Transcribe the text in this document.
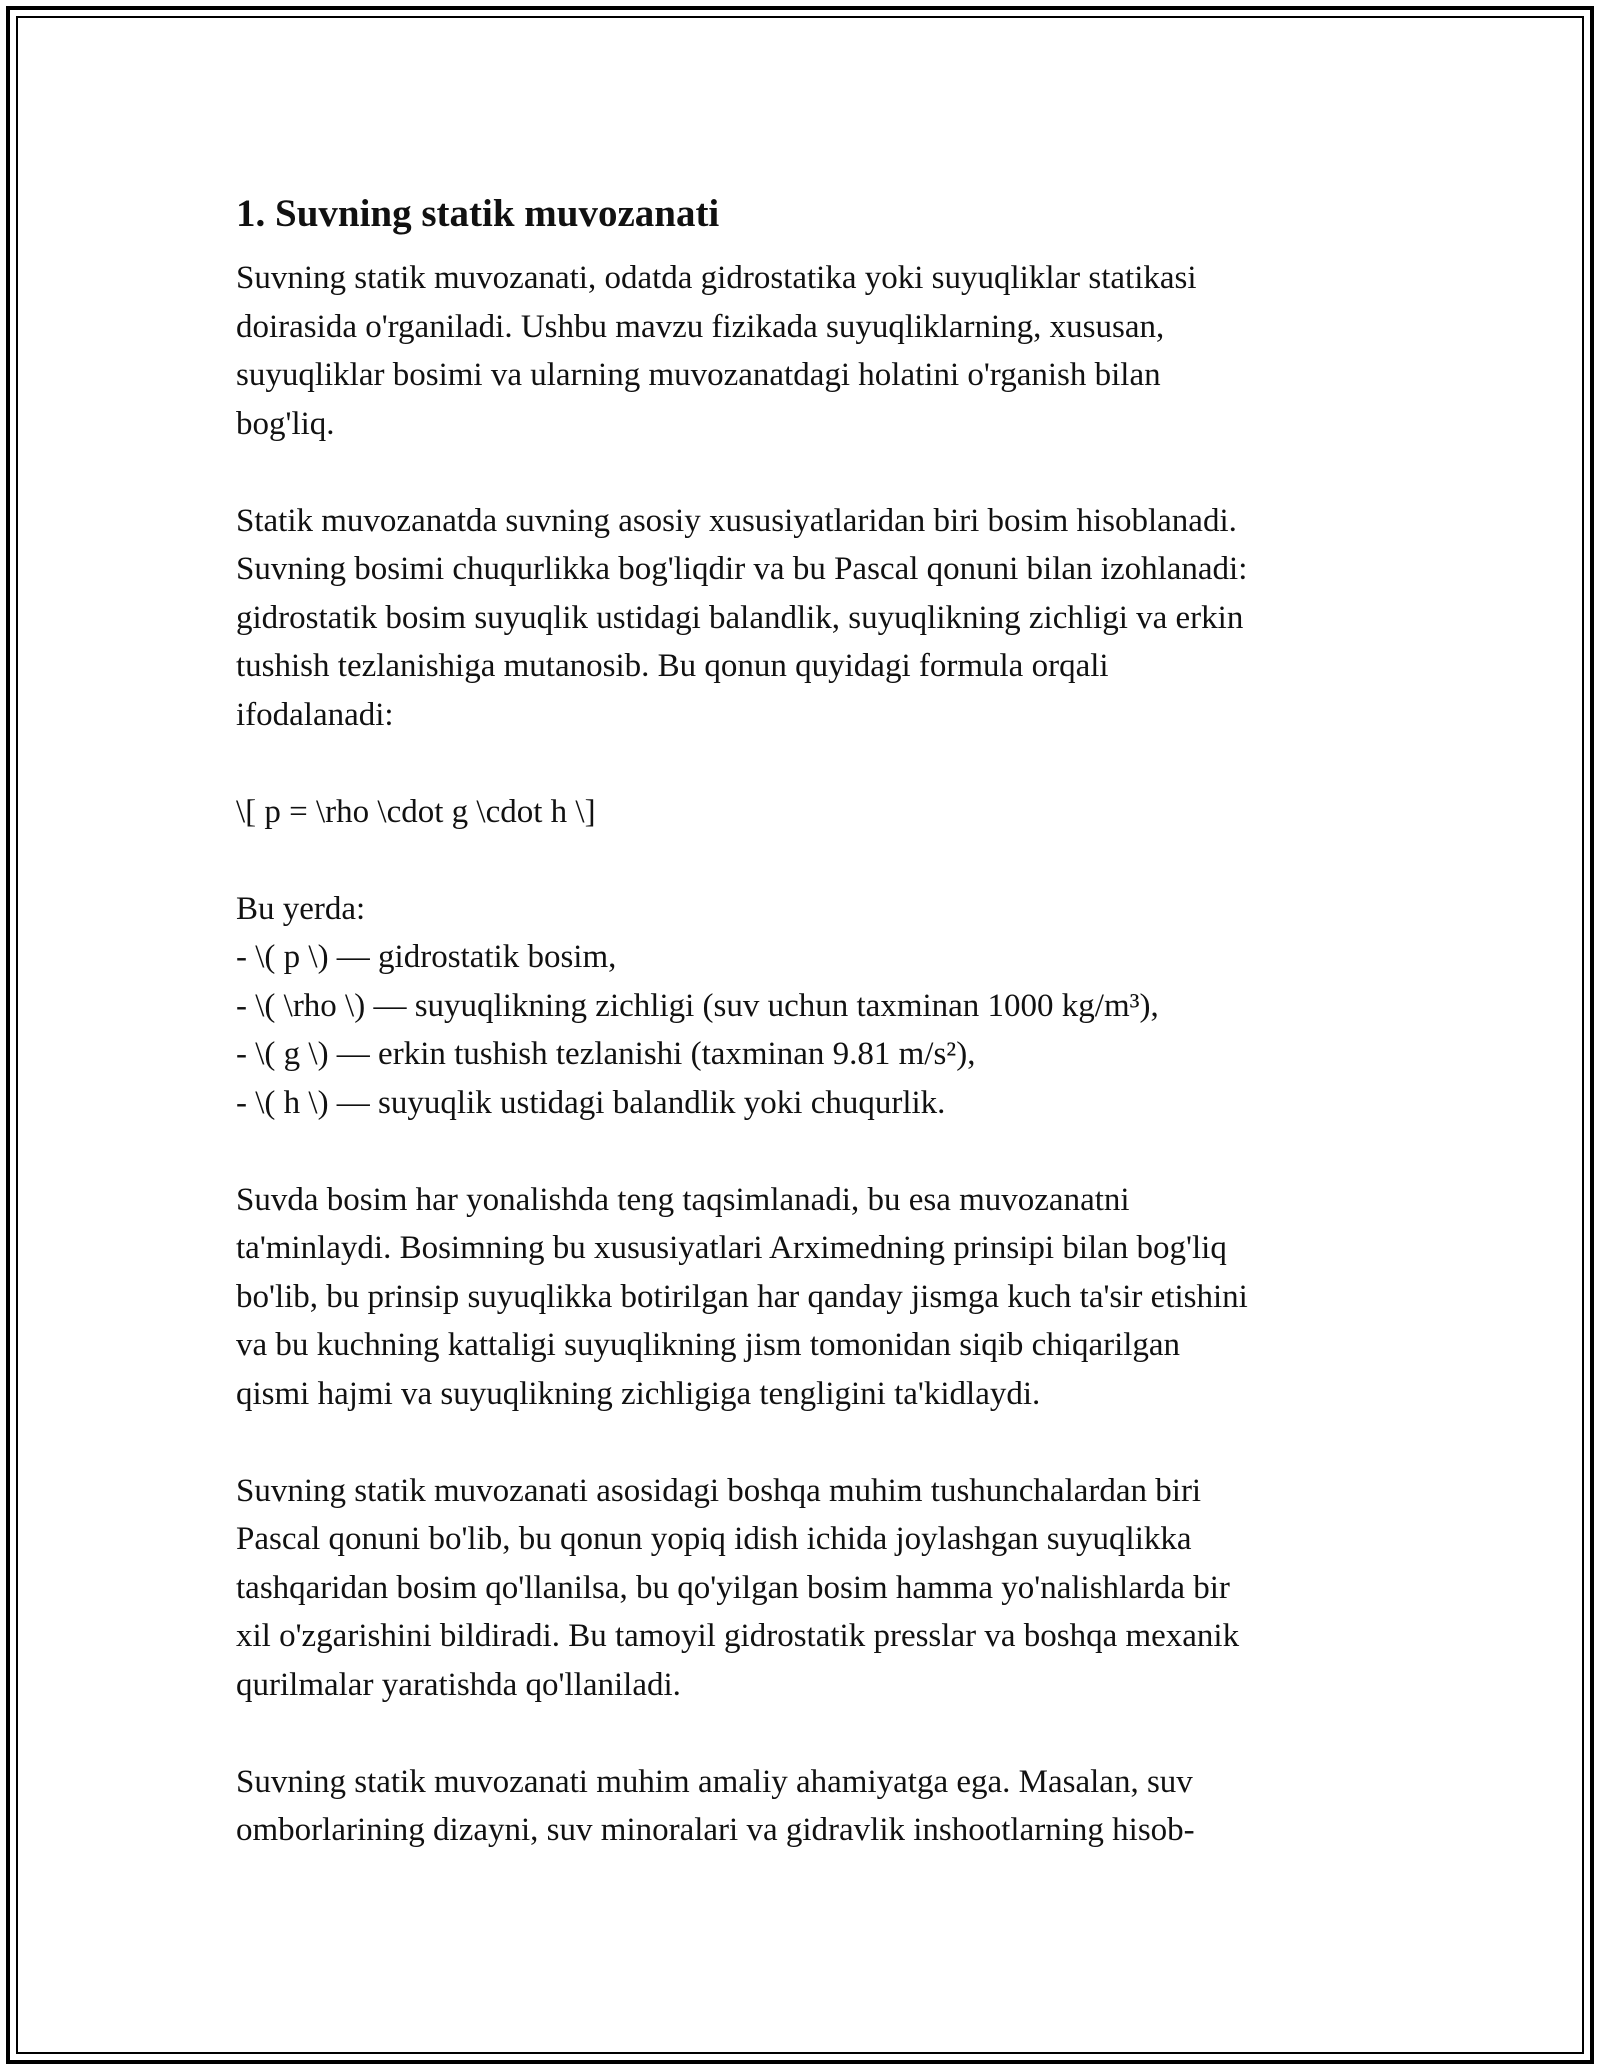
1. Suvning statik muvozanati
Suvning statik muvozanati, odatda gidrostatika yoki suyuqliklar statikasi
doirasida o'rganiladi. Ushbu mavzu fizikada suyuqliklarning, xususan,
suyuqliklar bosimi va ularning muvozanatdagi holatini o'rganish bilan
bog'liq.
Statik muvozanatda suvning asosiy xususiyatlaridan biri bosim hisoblanadi.
Suvning bosimi chuqurlikka bog'liqdir va bu Pascal qonuni bilan izohlanadi:
gidrostatik bosim suyuqlik ustidagi balandlik, suyuqlikning zichligi va erkin
tushish tezlanishiga mutanosib. Bu qonun quyidagi formula orqali
ifodalanadi:
\[ p = \rho \cdot g \cdot h \]
Bu yerda:
- \( p \) — gidrostatik bosim,
- \( \rho \) — suyuqlikning zichligi (suv uchun taxminan 1000 kg/m³),
- \( g \) — erkin tushish tezlanishi (taxminan 9.81 m/s²),
- \( h \) — suyuqlik ustidagi balandlik yoki chuqurlik.
Suvda bosim har yonalishda teng taqsimlanadi, bu esa muvozanatni
ta'minlaydi. Bosimning bu xususiyatlari Arximedning prinsipi bilan bog'liq
bo'lib, bu prinsip suyuqlikka botirilgan har qanday jismga kuch ta'sir etishini
va bu kuchning kattaligi suyuqlikning jism tomonidan siqib chiqarilgan
qismi hajmi va suyuqlikning zichligiga tengligini ta'kidlaydi.
Suvning statik muvozanati asosidagi boshqa muhim tushunchalardan biri
Pascal qonuni bo'lib, bu qonun yopiq idish ichida joylashgan suyuqlikka
tashqaridan bosim qo'llanilsa, bu qo'yilgan bosim hamma yo'nalishlarda bir
xil o'zgarishini bildiradi. Bu tamoyil gidrostatik presslar va boshqa mexanik
qurilmalar yaratishda qo'llaniladi.
Suvning statik muvozanati muhim amaliy ahamiyatga ega. Masalan, suv
omborlarining dizayni, suv minoralari va gidravlik inshootlarning hisob-
